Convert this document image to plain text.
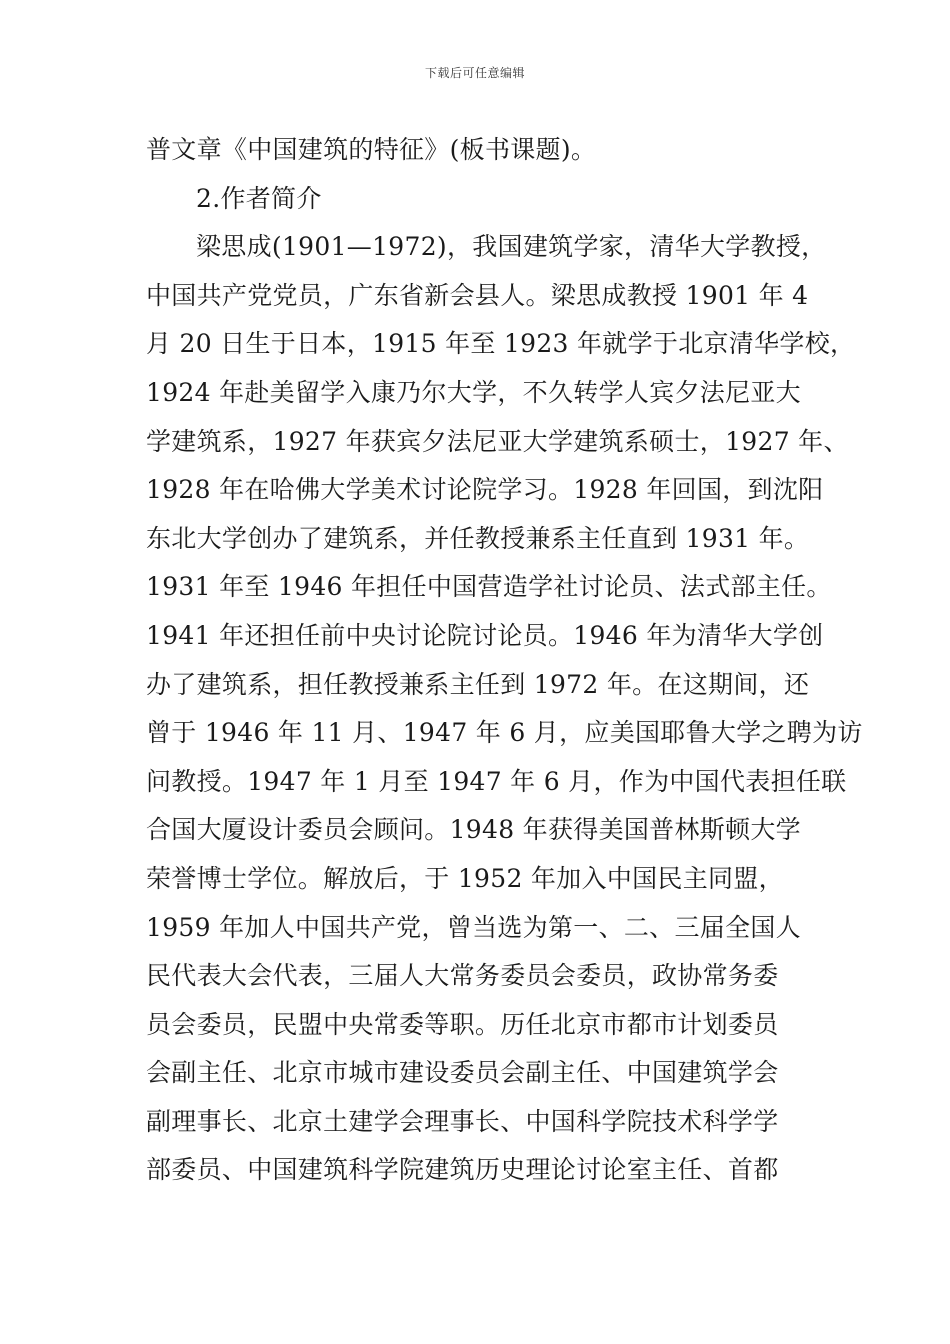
下载后可任意编辑
普文章《中国建筑的特征》(板书课题)。
2.作者简介
梁思成(1901—1972)，我国建筑学家，清华大学教授，
中国共产党党员，广东省新会县人。梁思成教授 1901 年 4
月 20 日生于日本，1915 年至 1923 年就学于北京清华学校，
1924 年赴美留学入康乃尔大学，不久转学人宾夕法尼亚大
学建筑系，1927 年获宾夕法尼亚大学建筑系硕士，1927 年、
1928 年在哈佛大学美术讨论院学习。1928 年回国，到沈阳
东北大学创办了建筑系，并任教授兼系主任直到 1931 年。
1931 年至 1946 年担任中国营造学社讨论员、法式部主任。
1941 年还担任前中央讨论院讨论员。1946 年为清华大学创
办了建筑系，担任教授兼系主任到 1972 年。在这期间，还
曾于 1946 年 11 月、1947 年 6 月，应美国耶鲁大学之聘为访
问教授。1947 年 1 月至 1947 年 6 月，作为中国代表担任联
合国大厦设计委员会顾问。1948 年获得美国普林斯顿大学
荣誉博士学位。解放后，于 1952 年加入中国民主同盟，
1959 年加人中国共产党，曾当选为第一、二、三届全国人
民代表大会代表，三届人大常务委员会委员，政协常务委
员会委员，民盟中央常委等职。历任北京市都市计划委员
会副主任、北京市城市建设委员会副主任、中国建筑学会
副理事长、北京土建学会理事长、中国科学院技术科学学
部委员、中国建筑科学院建筑历史理论讨论室主任、首都
